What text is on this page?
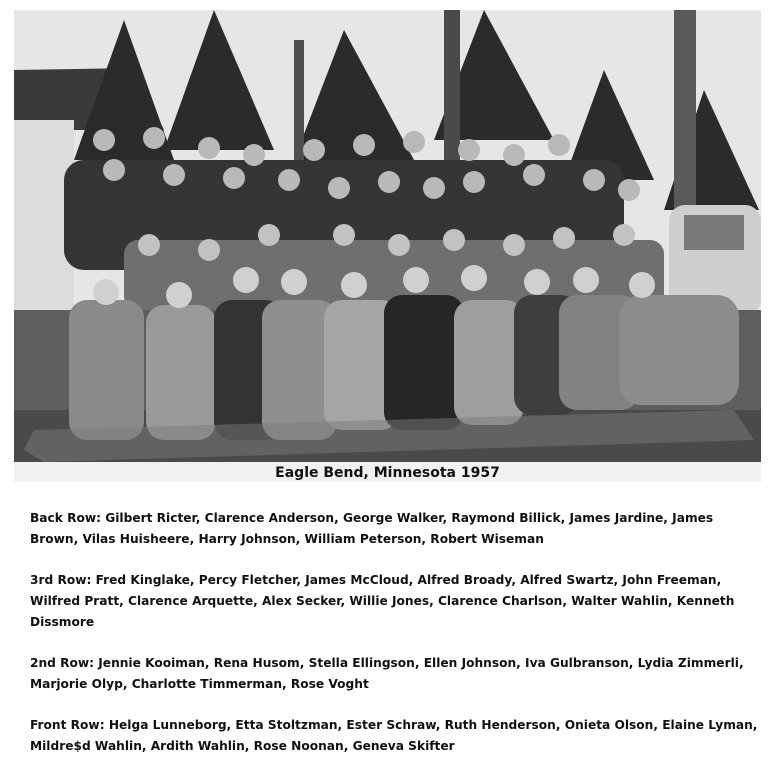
Eagle Bend, Minnesota 1957

Back Row: Gilbert Ricter, Clarence Anderson, George Walker, Raymond Billick, James Jardine, James Brown, Vilas Huisheere, Harry Johnson, William Peterson, Robert Wiseman

3rd Row: Fred Kinglake, Percy Fletcher, James McCloud, Alfred Broady, Alfred Swartz, John Freeman, Wilfred Pratt, Clarence Arquette, Alex Secker, Willie Jones, Clarence Charlson, Walter Wahlin, Kenneth Dissmore

2nd Row: Jennie Kooiman, Rena Husom, Stella Ellingson, Ellen Johnson, Iva Gulbranson, Lydia Zimmerli, Marjorie Olyp, Charlotte Timmerman, Rose Voght

Front Row: Helga Lunneborg, Etta Stoltzman, Ester Schraw, Ruth Henderson, Onieta Olson, Elaine Lyman, Mildre$d Wahlin, Ardith Wahlin, Rose Noonan, Geneva Skifter
